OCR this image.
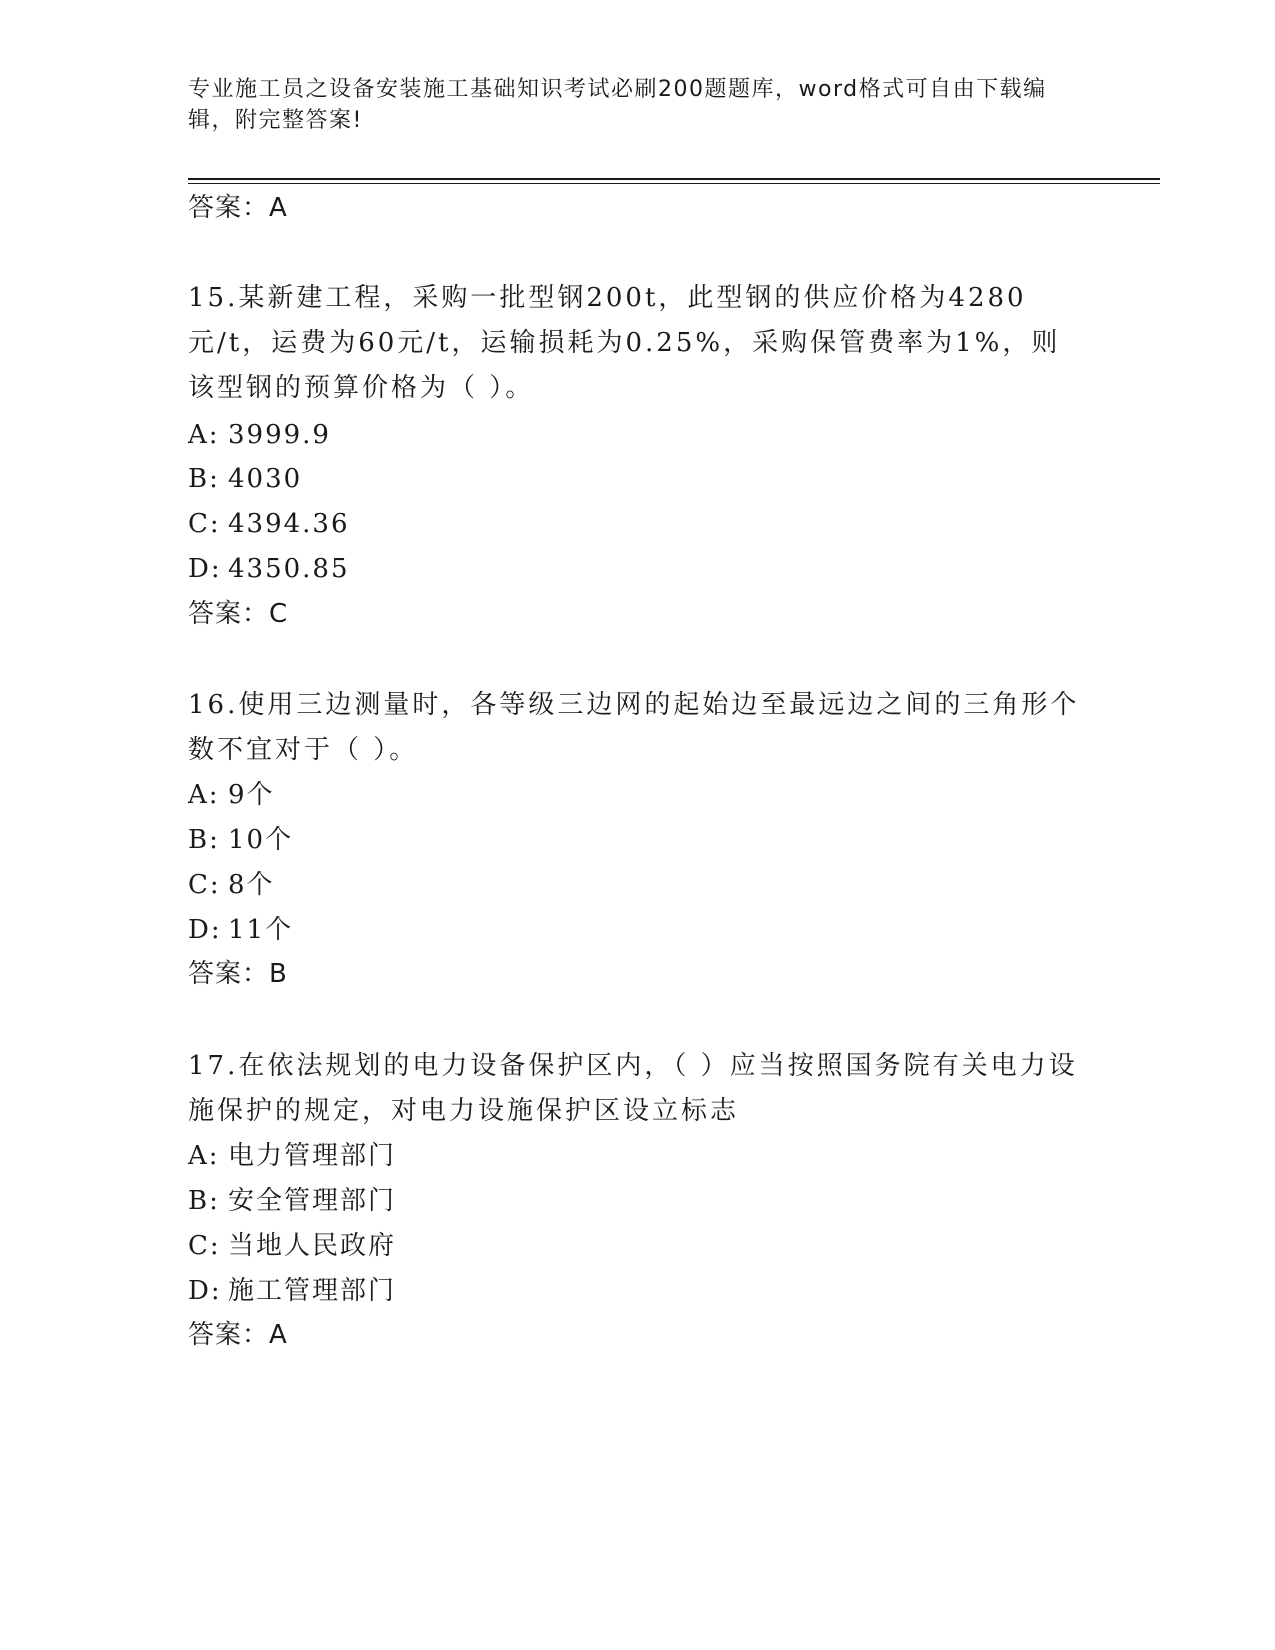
专业施工员之设备安装施工基础知识考试必刷200题题库，word格式可自由下载编辑，附完整答案!
答案：A
15.某新建工程，采购一批型钢200t，此型钢的供应价格为4280元/t，运费为60元/t，运输损耗为0.25%，采购保管费率为1%，则该型钢的预算价格为（ ）。
A: 3999.9
B: 4030
C: 4394.36
D: 4350.85
答案：C
16.使用三边测量时，各等级三边网的起始边至最远边之间的三角形个数不宜对于（ ）。
A: 9个
B: 10个
C: 8个
D: 11个
答案：B
17.在依法规划的电力设备保护区内，（ ）应当按照国务院有关电力设施保护的规定，对电力设施保护区设立标志
A: 电力管理部门
B: 安全管理部门
C: 当地人民政府
D: 施工管理部门
答案：A
